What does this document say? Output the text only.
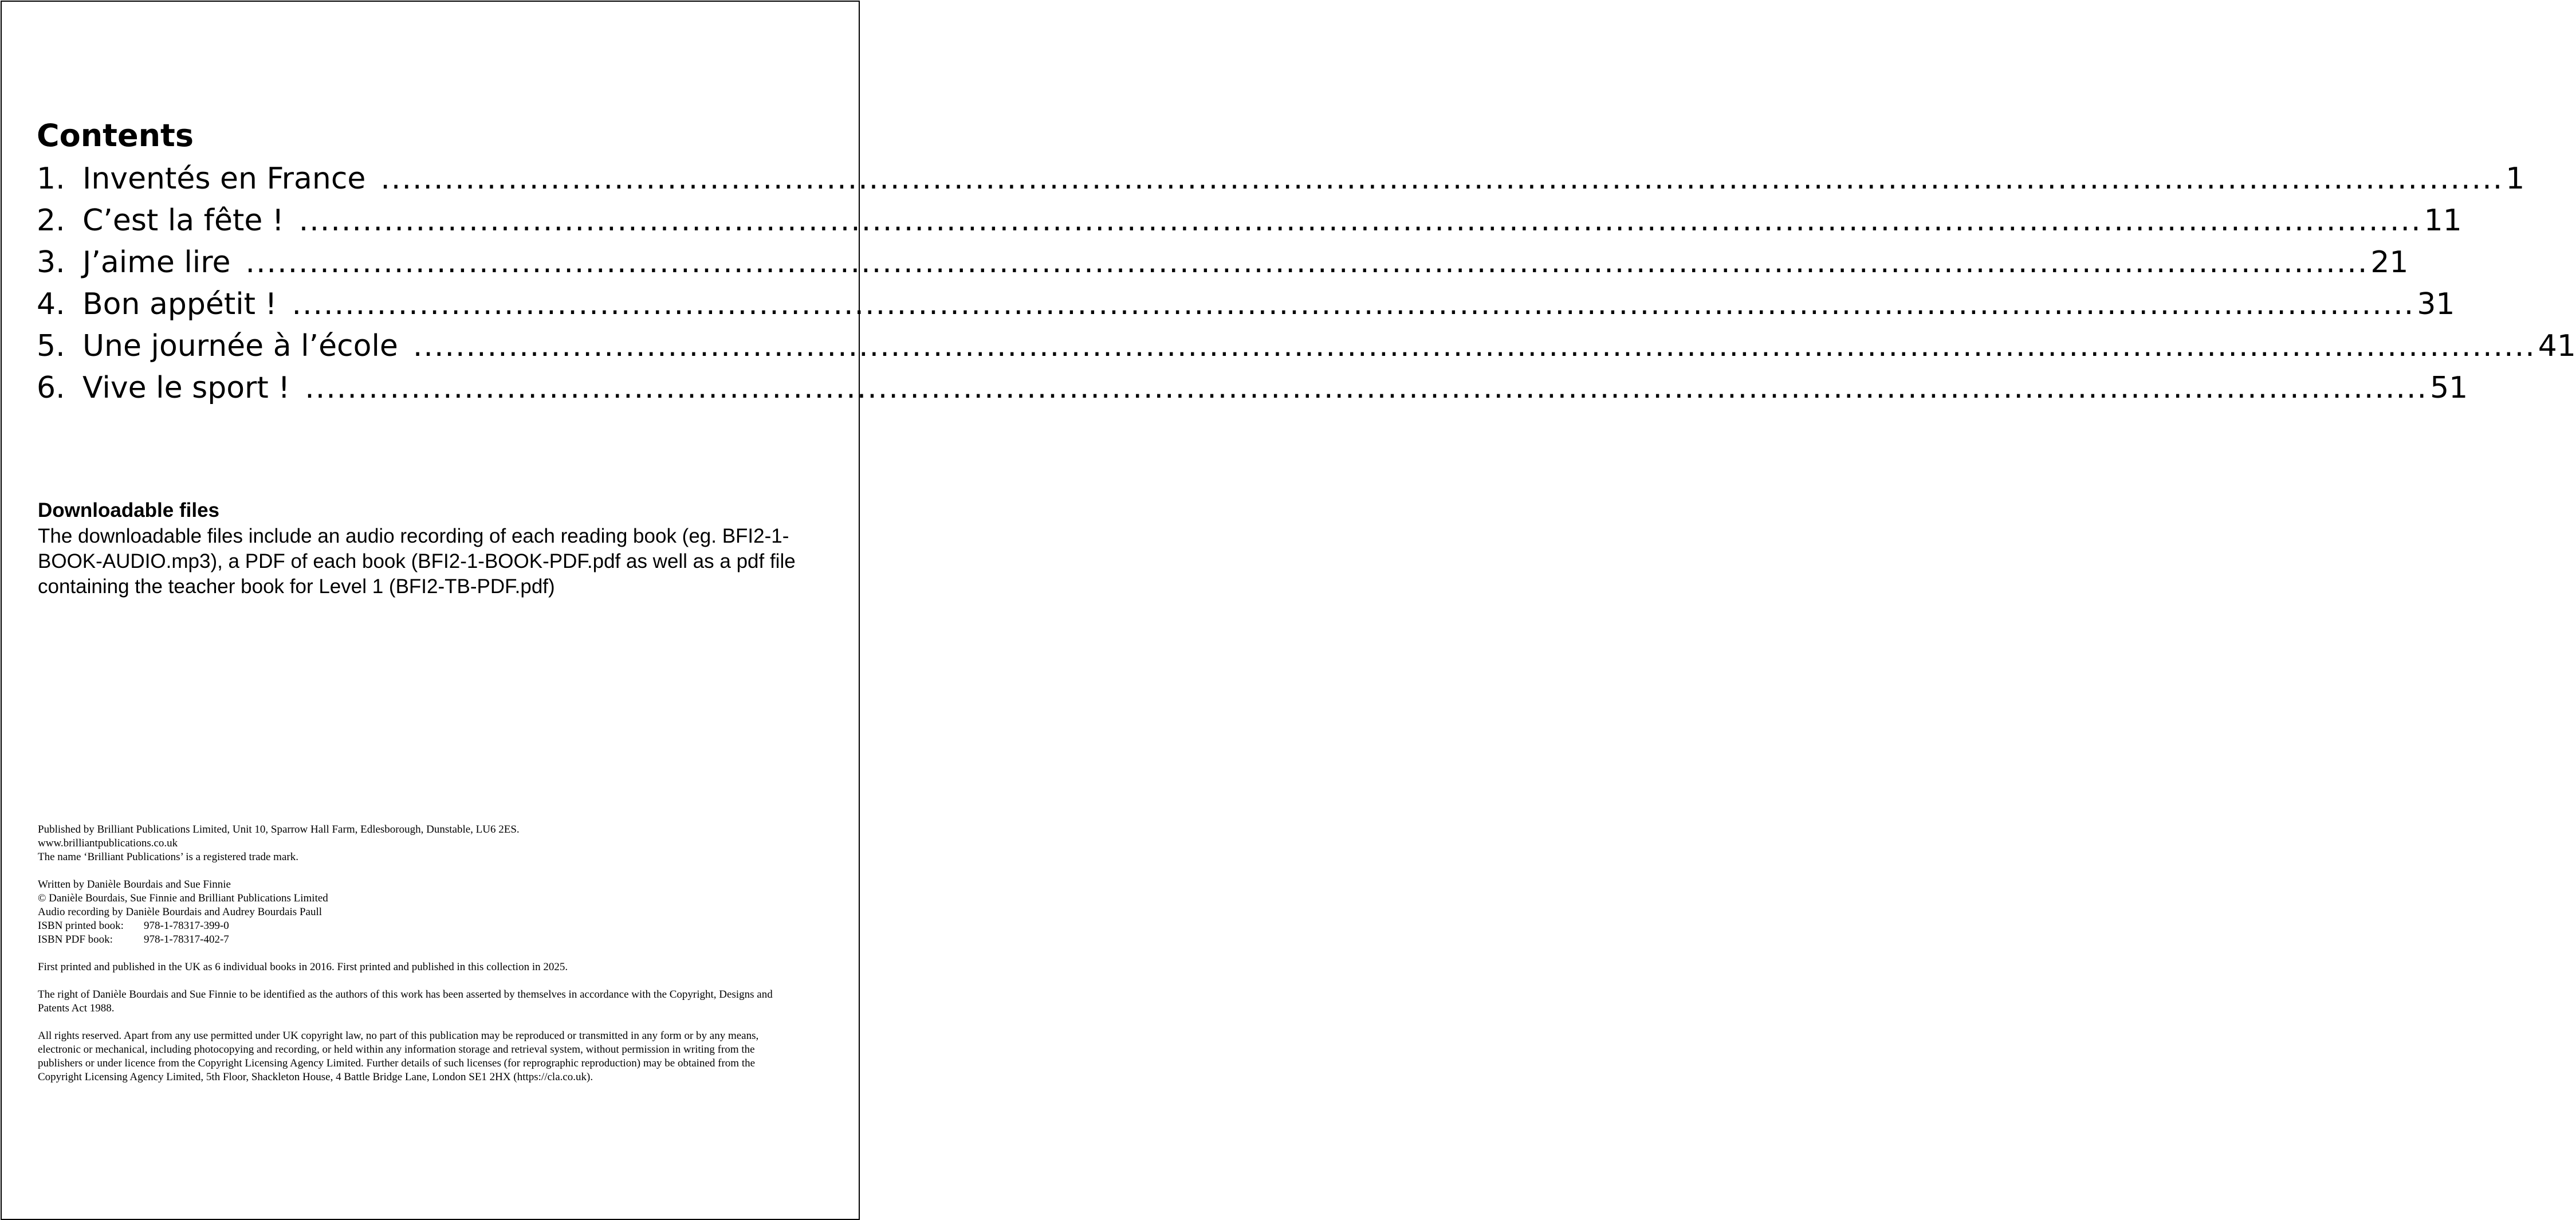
Contents
1. Inventés en France ........................................................................................................................................................................................................ 1
2. C’est la fête ! ........................................................................................................................................................................................................ 11
3. J’aime lire ........................................................................................................................................................................................................ 21
4. Bon appétit ! ........................................................................................................................................................................................................ 31
5. Une journée à l’école ........................................................................................................................................................................................................ 41
6. Vive le sport ! ........................................................................................................................................................................................................ 51
Downloadable files

The downloadable files include an audio recording of each reading book (eg. BFI2-1-BOOK-AUDIO.mp3), a PDF of each book (BFI2-1-BOOK-PDF.pdf as well as a pdf file containing the teacher book for Level 1 (BFI2-TB-PDF.pdf)

Published by Brilliant Publications Limited, Unit 10, Sparrow Hall Farm, Edlesborough, Dunstable, LU6 2ES.

www.brilliantpublications.co.uk

The name ‘Brilliant Publications’ is a registered trade mark.

Written by Danièle Bourdais and Sue Finnie

© Danièle Bourdais, Sue Finnie and Brilliant Publications Limited

Audio recording by Danièle Bourdais and Audrey Bourdais Paull

ISBN printed book: 978-1-78317-399-0

ISBN PDF book:	978-1-78317-402-7

First printed and published in the UK as 6 individual books in 2016. First printed and published in this collection in 2025.

The right of Danièle Bourdais and Sue Finnie to be identified as the authors of this work has been asserted by themselves in accordance with the Copyright, Designs and Patents Act 1988.

All rights reserved. Apart from any use permitted under UK copyright law, no part of this publication may be reproduced or transmitted in any form or by any means, electronic or mechanical, including photocopying and recording, or held within any information storage and retrieval system, without permission in writing from the publishers or under licence from the Copyright Licensing Agency Limited. Further details of such licenses (for reprographic reproduction) may be obtained from the Copyright Licensing Agency Limited, 5th Floor, Shackleton House, 4 Battle Bridge Lane, London SE1 2HX (https://cla.co.uk).
